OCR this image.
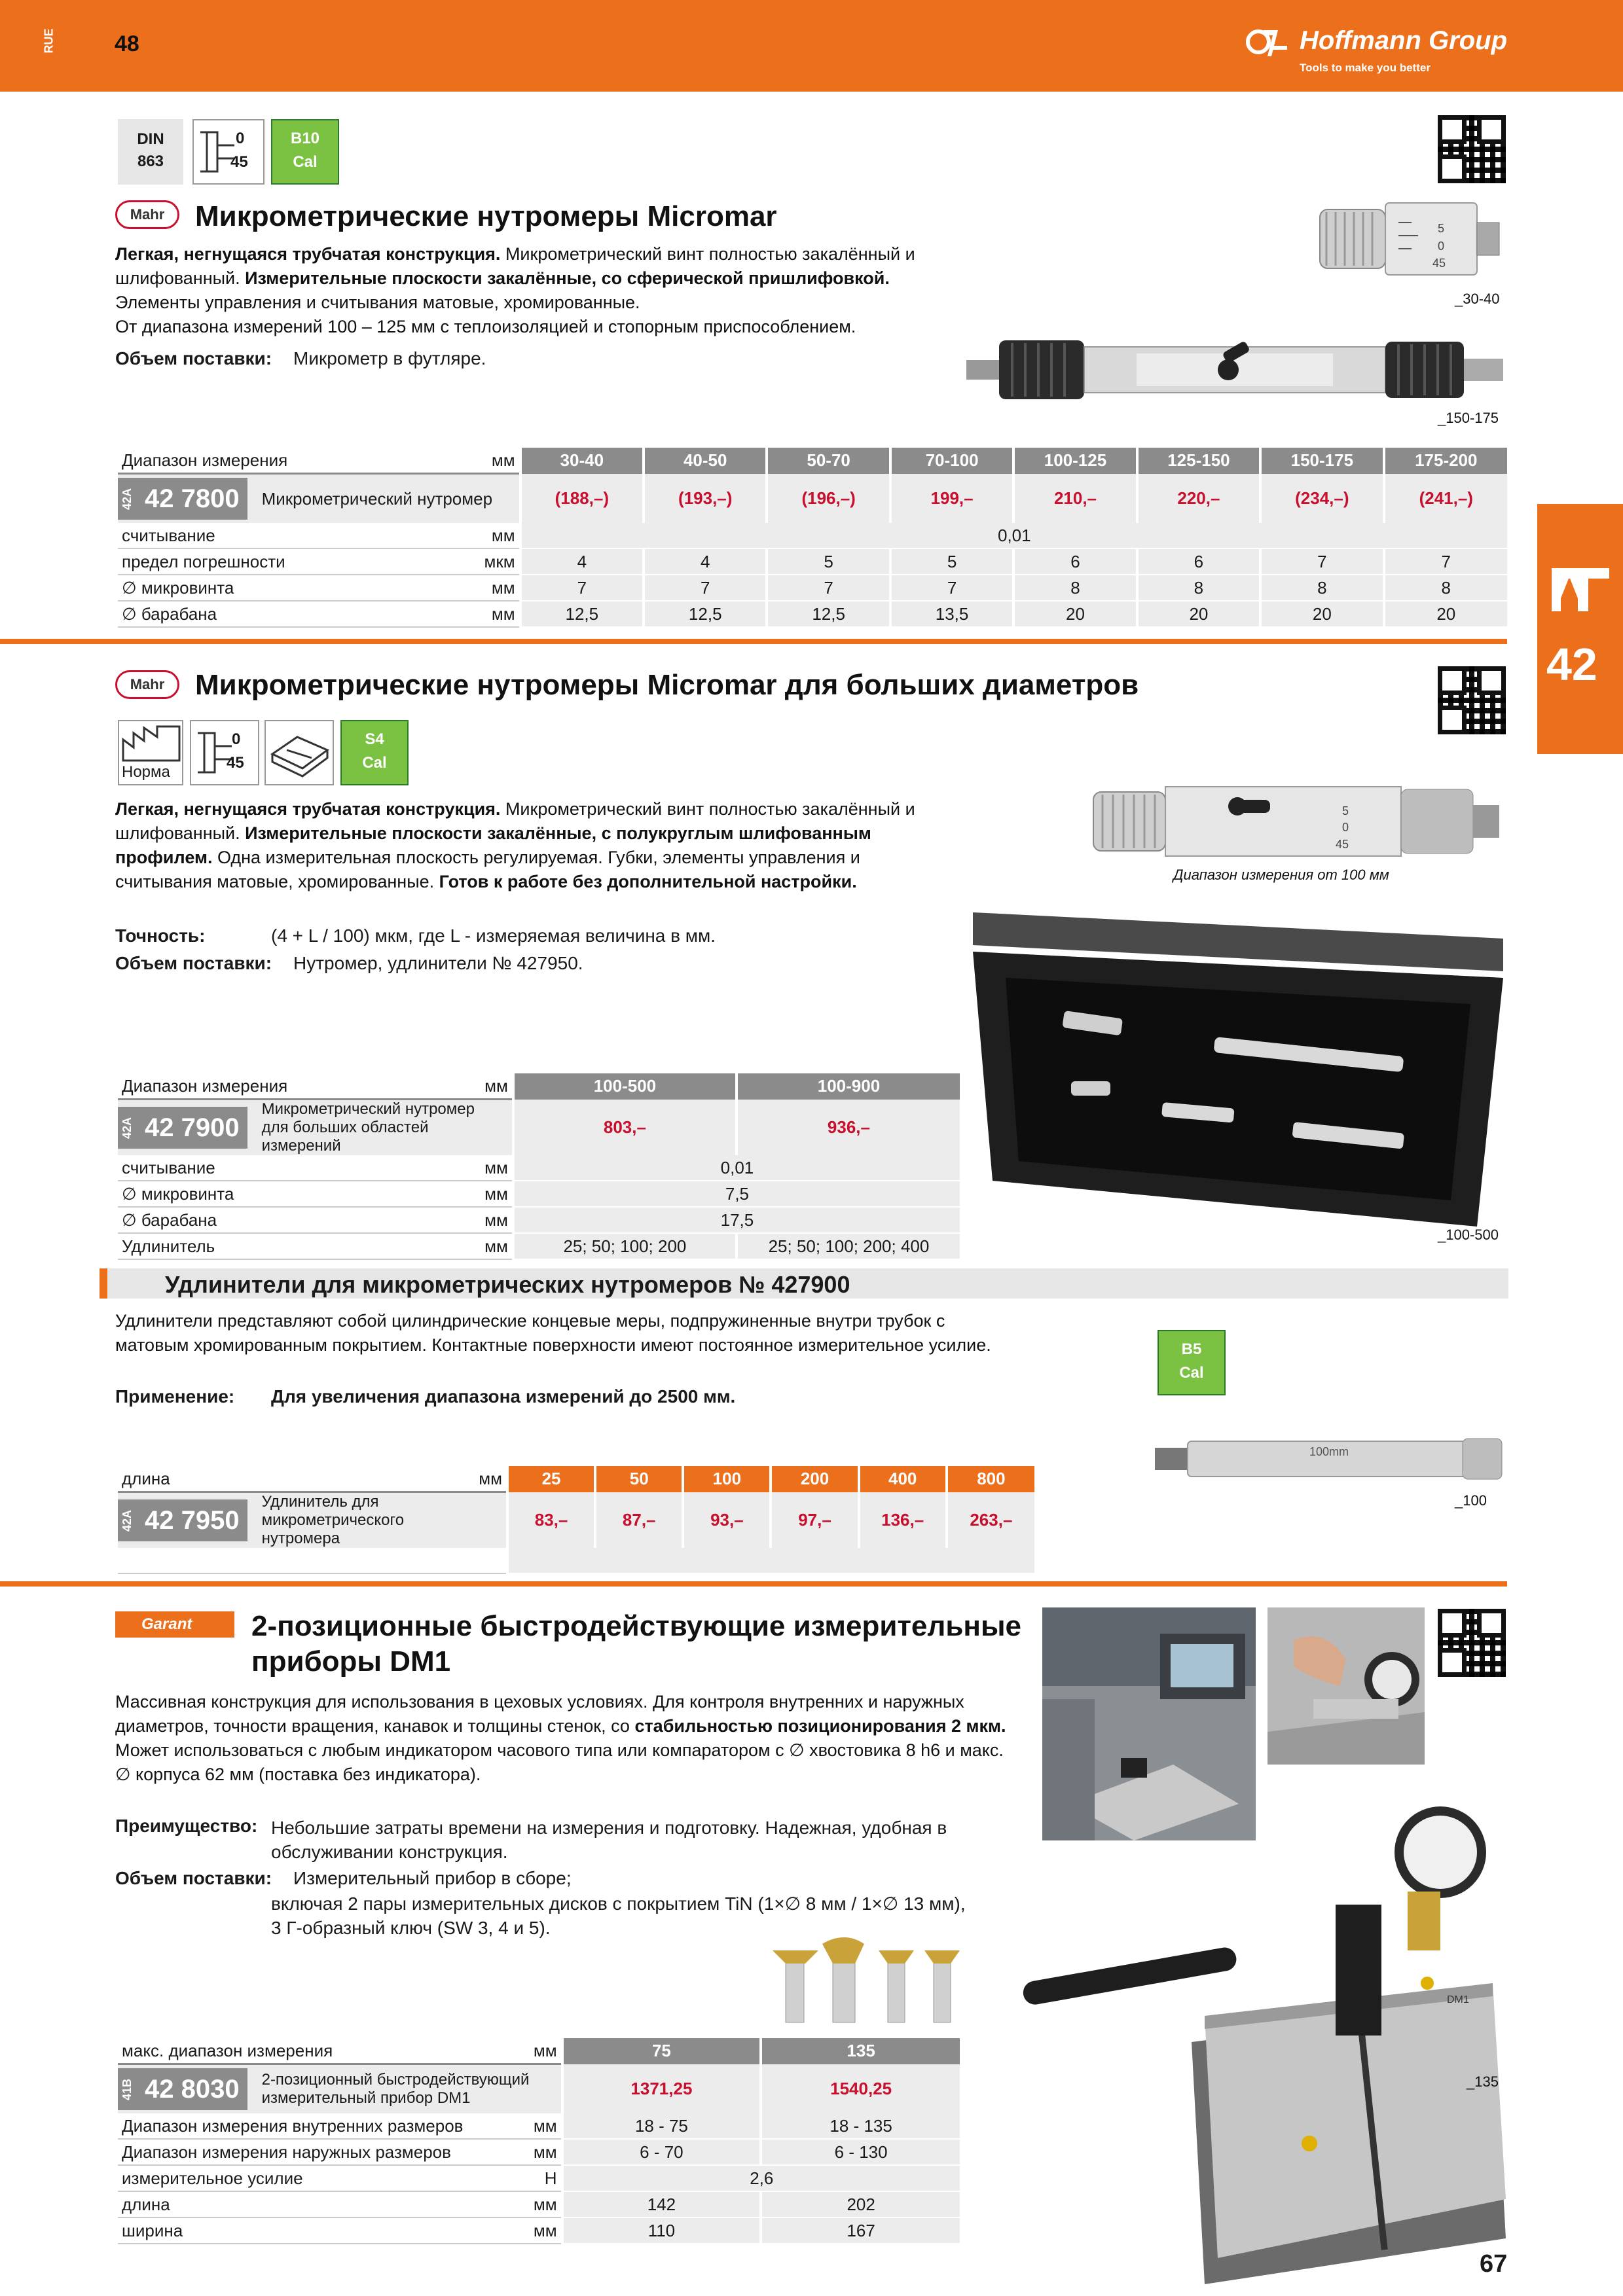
RUE	48	Hoffmann Group
Tools to make you better
42
DIN
863
0
45
B10
Cal
Mahr	Микрометрические нутромеры Micromar
Легкая, негнущаяся трубчатая конструкция. Микрометрический винт полностью закалённый и шлифованный. Измерительные плоскости закалённые, со сферической пришлифовкой. Элементы управления и считывания матовые, хромированные.
От диапазона измерений 100 – 125 мм с теплоизоляцией и стопорным приспособлением.
Объем поставки: Микрометр в футляре.
5
0
45
_30-40
_150-175
Диапазон измерения	мм	30-40	40-50	50-70	70-100	100-125	125-150	150-175	175-200

42A 42 7800 Микрометрический нутромер		(188,–)	(193,–)	(196,–)	199,–	210,–	220,–	(234,–)	(241,–)
считывание	мм	0,01							
предел погрешности	мкм	4	4	5	5	6	6	7	7
∅ микровинта	мм	7	7	7	7	8	8	8	8
∅ барабана	мм	12,5	12,5	12,5	13,5	20	20	20	20
Mahr	Микрометрические нутромеры Micromar для больших диаметров
Норма
0
45
S4
Cal
Легкая, негнущаяся трубчатая конструкция. Микрометрический винт полностью закалённый и шлифованный. Измерительные плоскости закалённые, с полукруглым шлифованным профилем. Одна измерительная плоскость регулируемая. Губки, элементы управления и считывания матовые, хромированные. Готов к работе без дополнительной настройки.
Точность:	(4 + L / 100) мкм, где L - измеряемая величина в мм.
Объем поставки: Нутромер, удлинители № 427950.
5
0
45
Диапазон измерения от 100 мм
_100-500
Диапазон измерения	мм	100-500	100-900

42A 42 7900
Микрометрический нутромер
для больших областей измерений		803,–	936,–
считывание	мм	0,01	
∅ микровинта	мм	7,5	
∅ барабана	мм	17,5	
Удлинитель	мм	25; 50; 100; 200	25; 50; 100; 200; 400
Удлинители для микрометрических нутромеров № 427900
Удлинители представляют собой цилиндрические концевые меры, подпружиненные внутри трубок с матовым хромированным покрытием. Контактные поверхности имеют постоянное измерительное усилие.
Применение: Для увеличения диапазона измерений до 2500 мм.
B5
Cal
100mm
_100
длина	мм	25	50	100	200	400	800

42A 42 7950
Удлинитель для микрометрического
нутромера		83,–	87,–	93,–	97,–	136,–	263,–

Garant	2-позиционные быстродействующие измерительные
приборы DM1
Массивная конструкция для использования в цеховых условиях. Для контроля внутренних и наружных диаметров, точности вращения, канавок и толщины стенок, со стабильностью позиционирования 2 мкм.
Может использоваться с любым индикатором часового типа или компаратором с ∅ хвостовика 8 h6 и макс. ∅ корпуса 62 мм (поставка без индикатора).
Преимущество: Небольшие затраты времени на измерения и подготовку. Надежная, удобная в обслуживании конструкция.
Объем поставки: Измерительный прибор в сборе;
включая 2 пары измерительных дисков с покрытием TiN (1×∅ 8 мм / 1×∅ 13 мм),
3 Г-образный ключ (SW 3, 4 и 5).
DM1
_135
макс. диапазон измерения	мм	75	135

41B 42 8030 2-позиционный быстродействующий
измерительный прибор DM1		1371,25	1540,25
Диапазон измерения внутренних размеров	мм	18 - 75	18 - 135
Диапазон измерения наружных размеров	мм	6 - 70	6 - 130
измерительное усилие	Н	2,6	
длина	мм	142	202
ширина	мм	110	167
67
